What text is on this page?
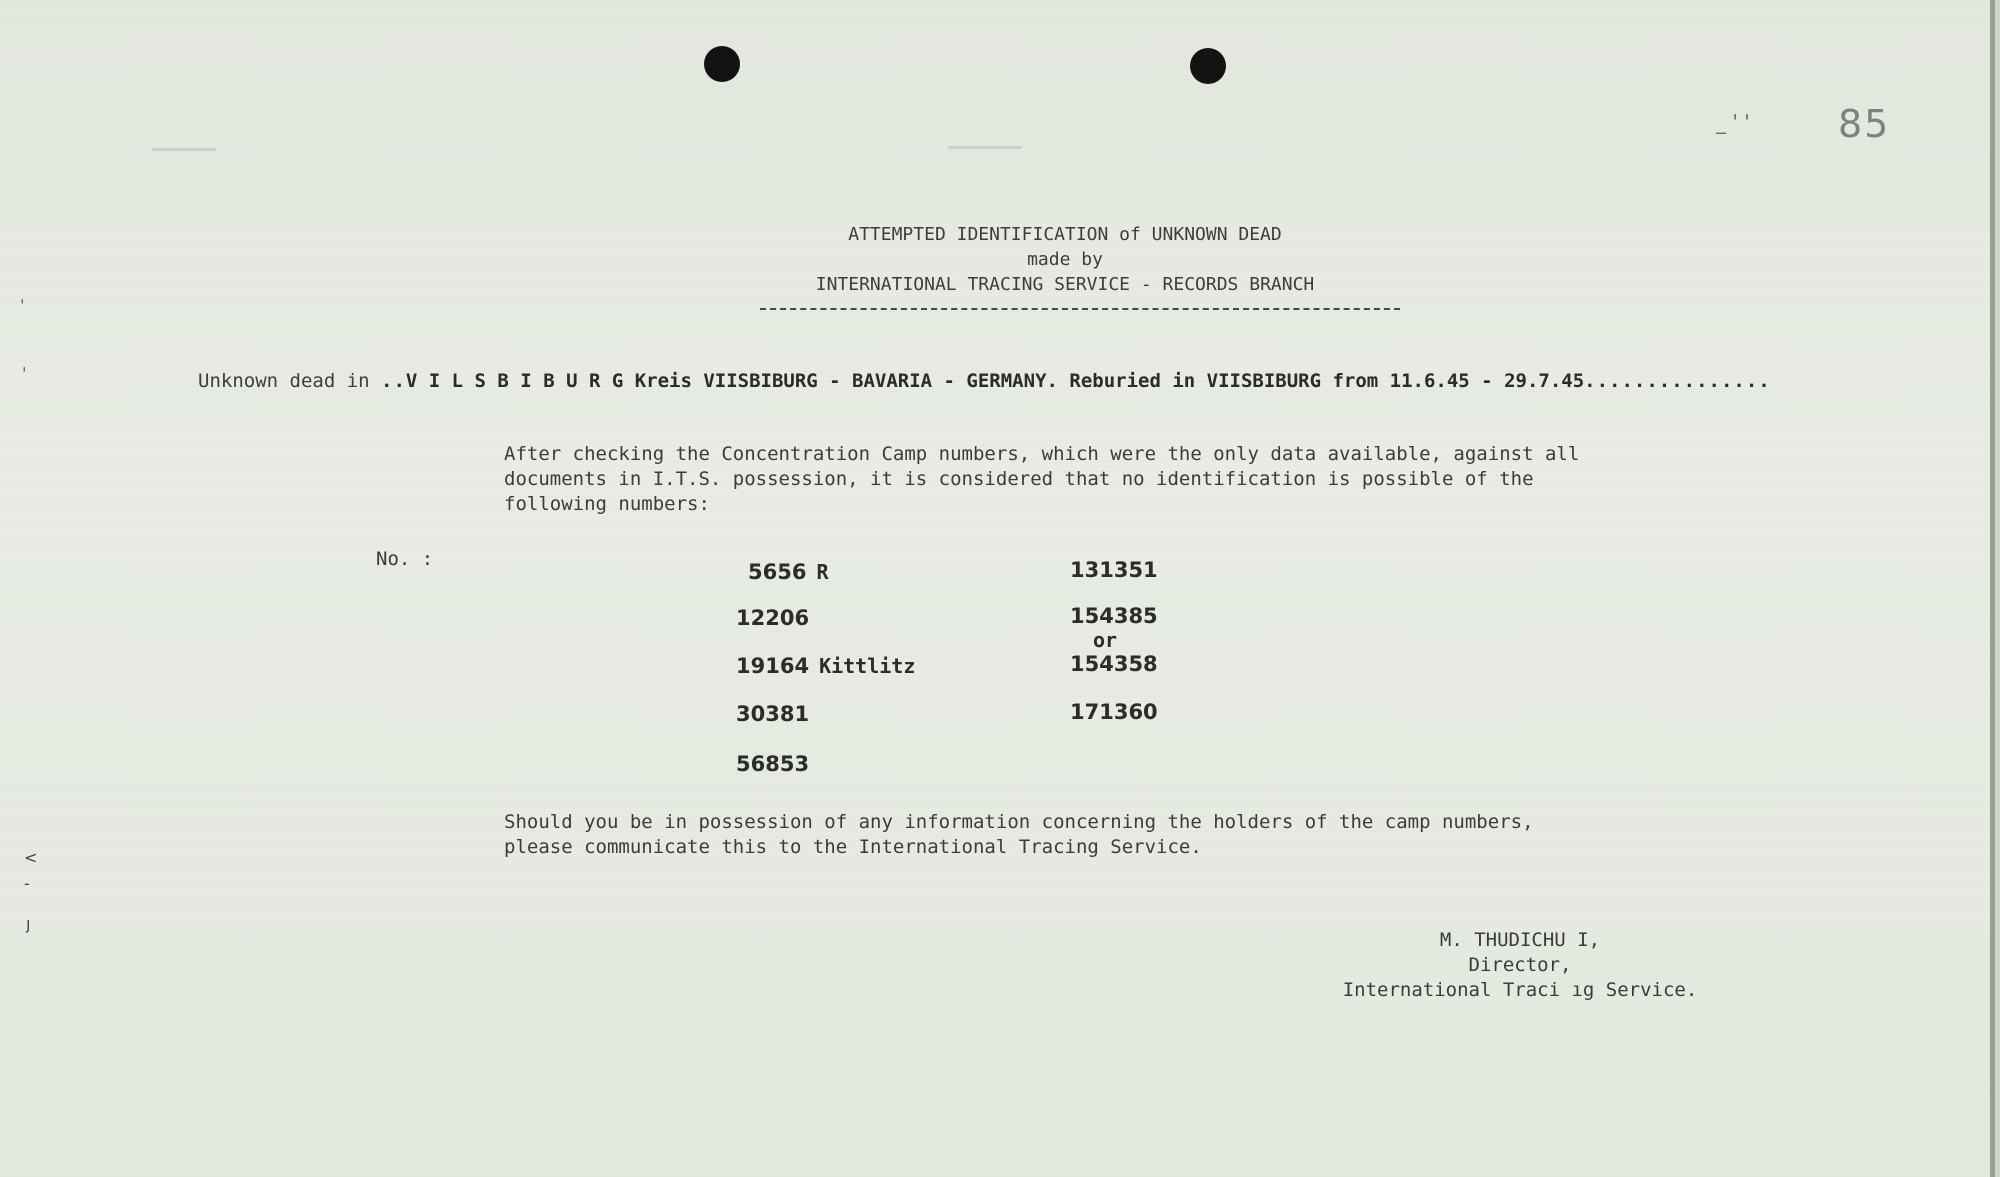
_ ' '	85
ATTEMPTED IDENTIFICATION of UNKNOWN DEAD
made by
INTERNATIONAL TRACING SERVICE - RECORDS BRANCH
Unknown dead in ..V I L S B I B U R G Kreis VIISBIBURG - BAVARIA - GERMANY. Reburied in VIISBIBURG from 11.6.45 - 29.7.45...............
After checking the Concentration Camp numbers, which were the only data available, against all
documents in I.T.S. possession, it is considered that no identification is possible of the
following numbers:
No. :
5656 R
12206
19164 Kittlitz
30381
56853
131351
154385
or
154358
171360
Should you be in possession of any information concerning the holders of the camp numbers,
please communicate this to the International Tracing Service.
M. THUDICHU I,
Director,
International Traci ıg Service.
ˌ
ˌ
<
-
ȷ
